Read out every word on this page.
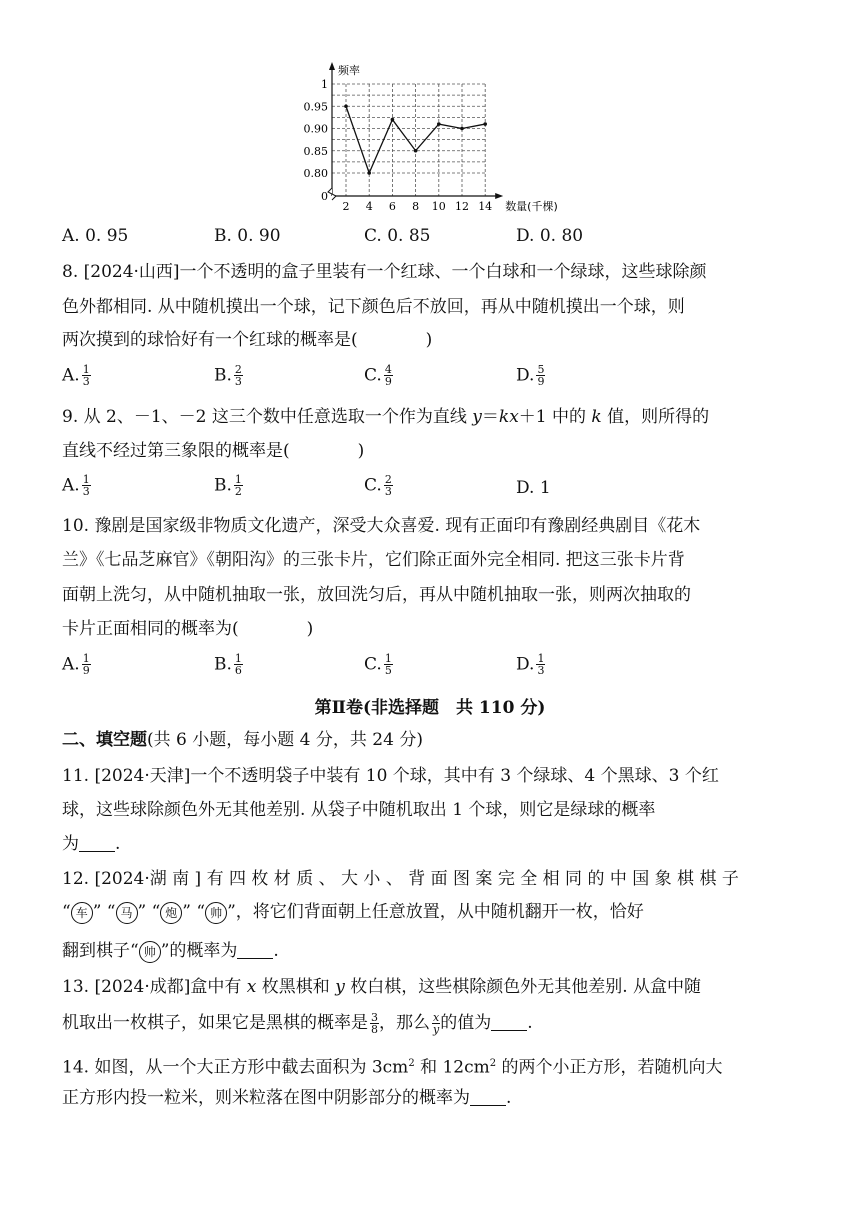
2 4 6 8 10 12 14
1
0.95
0.90
0.85
0.80
0
频率
数量(千棵)
A. 0. 95	B. 0. 90	C. 0. 85	D. 0. 80
8. [2024·山西]一个不透明的盒子里装有一个红球、一个白球和一个绿球，这些球除颜
色外都相同. 从中随机摸出一个球，记下颜色后不放回，再从中随机摸出一个球，则
两次摸到的球恰好有一个红球的概率是(　　　　)
A. $\frac{1}{3}$	B. $\frac{2}{3}$	C. $\frac{4}{9}$	D. $\frac{5}{9}$
9. 从 2、－1、－2 这三个数中任意选取一个作为直线 y＝kx＋1 中的 k 值，则所得的
直线不经过第三象限的概率是(　　　　)
A. $\frac{1}{3}$	B. $\frac{1}{2}$	C. $\frac{2}{3}$	D. 1
10. 豫剧是国家级非物质文化遗产，深受大众喜爱. 现有正面印有豫剧经典剧目《花木
兰》《七品芝麻官》《朝阳沟》的三张卡片，它们除正面外完全相同. 把这三张卡片背
面朝上洗匀，从中随机抽取一张，放回洗匀后，再从中随机抽取一张，则两次抽取的
卡片正面相同的概率为(　　　　)
A. $\frac{1}{9}$	B. $\frac{1}{6}$	C. $\frac{1}{5}$	D. $\frac{1}{3}$
第Ⅱ卷(非选择题　共 110 分)
二、填空题(共 6 小题，每小题 4 分，共 24 分)
11. [2024·天津]一个不透明袋子中装有 10 个球，其中有 3 个绿球、4 个黑球、3 个红
球，这些球除颜色外无其他差别. 从袋子中随机取出 1 个球，则它是绿球的概率
为 .
12. [2024·湖 南 ] 有 四 枚 材 质 、 大 小 、 背 面 图 案 完 全 相 同 的 中 国 象 棋 棋 子
“ 车 ” “ 马 ” “ 炮 ” “ 帅 ”，将它们背面朝上任意放置，从中随机翻开一枚，恰好
翻到棋子“ 帅 ”的概率为 .
13. [2024·成都]盒中有 x 枚黑棋和 y 枚白棋，这些棋除颜色外无其他差别. 从盒中随
机取出一枚棋子，如果它是黑棋的概率是 $\frac{3}{8}$ ，那么 $\frac{x}{y}$ 的值为 .
14. 如图，从一个大正方形中截去面积为 $3cm^2$ 和 $12cm^2$ 的两个小正方形，若随机向大
正方形内投一粒米，则米粒落在图中阴影部分的概率为 .
